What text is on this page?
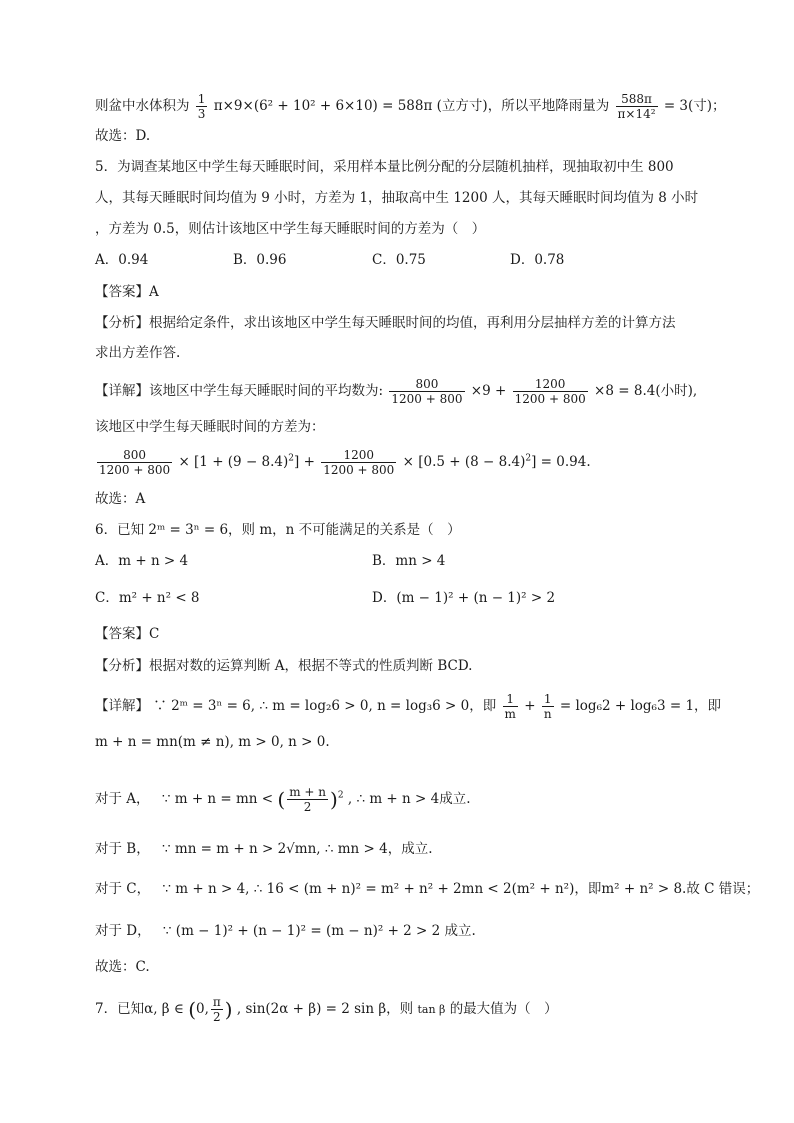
则盆中水体积为 $\frac{1}{3} \pi\times 9\times(6^2 + 10^2 + 6\times 10) = 588\pi$ (立方寸)，所以平地降雨量为 $\frac{588\pi}{\text{π×14²}} = 3$(寸)；
故选：D.
5．为调查某地区中学生每天睡眠时间，采用样本量比例分配的分层随机抽样，现抽取初中生 800
人，其每天睡眠时间均值为 9 小时，方差为 1，抽取高中生 1200 人，其每天睡眠时间均值为 8 小时
，方差为 0.5，则估计该地区中学生每天睡眠时间的方差为（　）
A．0.94	B．0.96	C．0.75	D．0.78
【答案】A
【分析】根据给定条件，求出该地区中学生每天睡眠时间的均值，再利用分层抽样方差的计算方法
求出方差作答.
【详解】该地区中学生每天睡眠时间的平均数为: $\frac{800}{1200 + 800} \times 9 + \frac{1200}{1200 + 800} \times 8 = 8.4$(小时),
该地区中学生每天睡眠时间的方差为：
$\frac{800}{1200 + 800} \times [1 + (9 - 8.4)^2] + \frac{1200}{1200 + 800} \times [0.5 + (8 - 8.4)^2] = 0.94$.
故选：A
6．已知 2ᵐ = 3ⁿ = 6，则 m，n 不可能满足的关系是（　）
A．m + n > 4	B．mn > 4
C．m² + n² < 8	D．(m − 1)² + (n − 1)² > 2
【答案】C
【分析】根据对数的运算判断 A，根据不等式的性质判断 BCD.
【详解】 ∵ 2ᵐ = 3ⁿ = 6, ∴ m = log₂6 > 0, n = log₃6 > 0，即 $\frac{1}{m} + \frac{1}{n} = \log_62 + \log_63 = 1$，即
m + n = mn(m ≠ n), m > 0, n > 0.
对于 A， ∵ m + n = mn < ( $\frac{m + n}{2} )^2$ , ∴ m + n > 4成立.
对于 B， ∵ mn = m + n > 2√mn, ∴ mn > 4，成立.
对于 C， ∵ m + n > 4, ∴ 16 < (m + n)² = m² + n² + 2mn < 2(m² + n²)，即m² + n² > 8.故 C 错误；
对于 D， ∵ (m − 1)² + (n − 1)² = (m − n)² + 2 > 2 成立.
故选：C.
7．已知α, β ∈ (0, $\frac{\pi}{2}$ ) , sin(2α + β) = 2 sin β，则 tan β 的最大值为（　）
